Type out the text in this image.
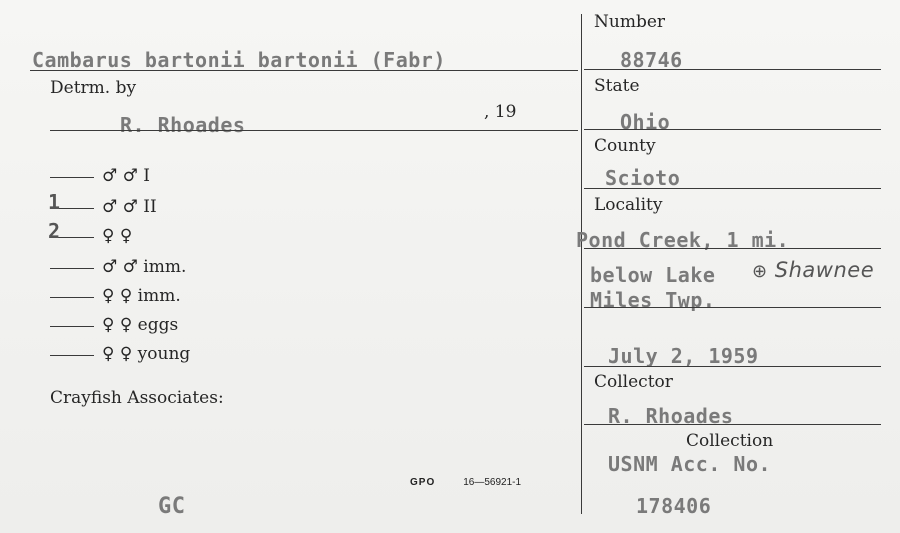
Cambarus bartonii bartonii (Fabr)
Detrm. by
, 19
R. Rhoades
♂ ♂ I
♂ ♂ II
♀ ♀
♂ ♂ imm.
♀ ♀ imm.
♀ ♀ eggs
♀ ♀ young
1
2
Crayfish Associates:
GC
GPO	16—56921-1
Number
88746
State
Ohio
County
Scioto
Locality
Pond Creek, 1 mi.
below Lake ⊕ Shawnee
Miles Twp.
July 2, 1959
Collector
R. Rhoades
Collection
USNM Acc. No.
178406
